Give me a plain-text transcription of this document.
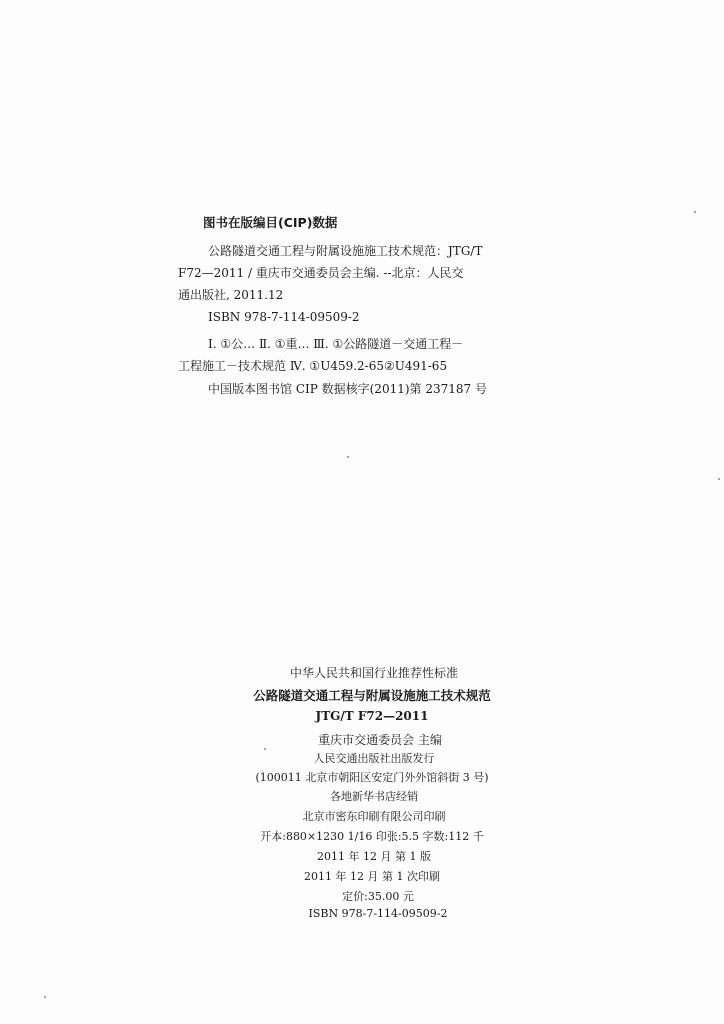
图书在版编目(CIP)数据
公路隧道交通工程与附属设施施工技术规范：JTG/T
F72—2011 / 重庆市交通委员会主编. --北京：人民交
通出版社, 2011.12
ISBN 978-7-114-09509-2
Ⅰ. ①公… Ⅱ. ①重… Ⅲ. ①公路隧道－交通工程－
工程施工－技术规范 Ⅳ. ①U459.2-65②U491-65
中国版本图书馆 CIP 数据核字(2011)第 237187 号
中华人民共和国行业推荐性标准
公路隧道交通工程与附属设施施工技术规范
JTG/T F72—2011
重庆市交通委员会 主编
人民交通出版社出版发行
(100011 北京市朝阳区安定门外外馆斜街 3 号)
各地新华书店经销
北京市密东印刷有限公司印刷
开本:880×1230 1/16 印张:5.5 字数:112 千
2011 年 12 月 第 1 版
2011 年 12 月 第 1 次印刷
定价:35.00 元
ISBN 978-7-114-09509-2
